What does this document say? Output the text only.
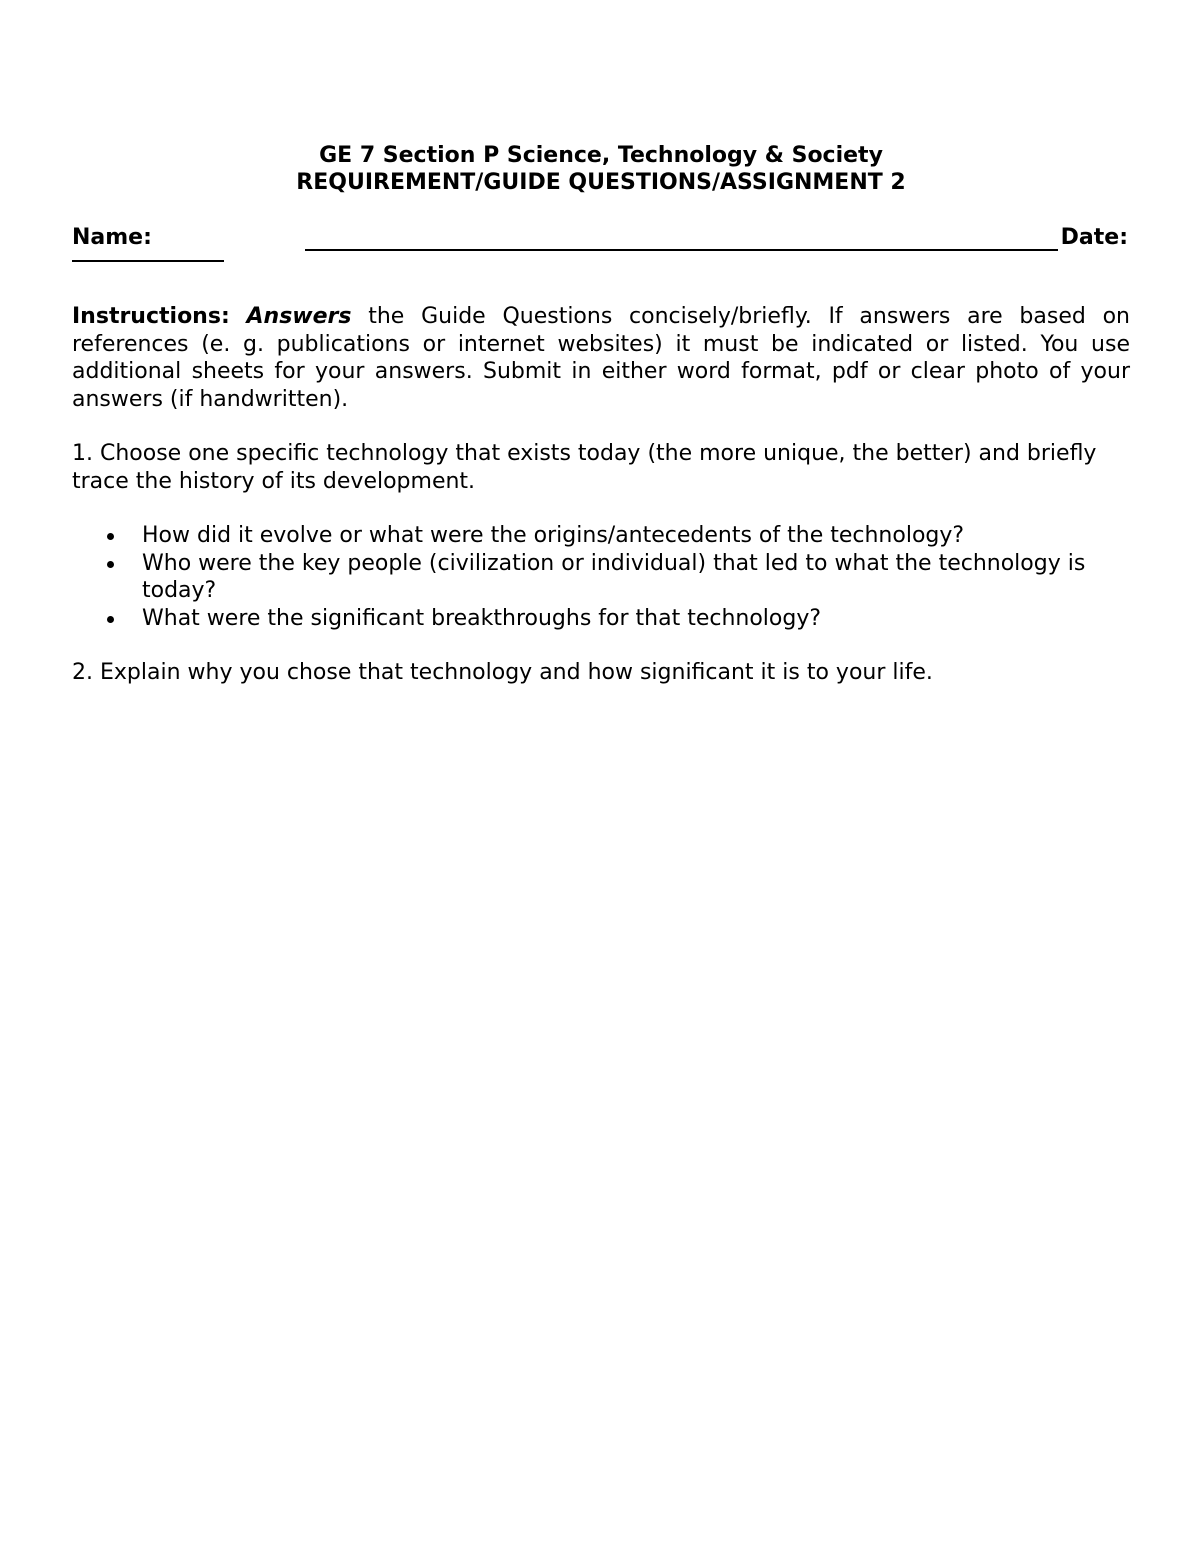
GE 7 Section P Science, Technology & Society
REQUIREMENT/GUIDE QUESTIONS/ASSIGNMENT 2
Name:	Date:

Instructions: Answers the Guide Questions concisely/briefly. If answers are based on references (e. g. publications or internet websites) it must be indicated or listed. You use additional sheets for your answers. Submit in either word format, pdf or clear photo of your answers (if handwritten).

1. Choose one specific technology that exists today (the more unique, the better) and briefly trace the history of its development.

How did it evolve or what were the origins/antecedents of the technology?
Who were the key people (civilization or individual) that led to what the technology is today?
What were the significant breakthroughs for that technology?

2. Explain why you chose that technology and how significant it is to your life.
